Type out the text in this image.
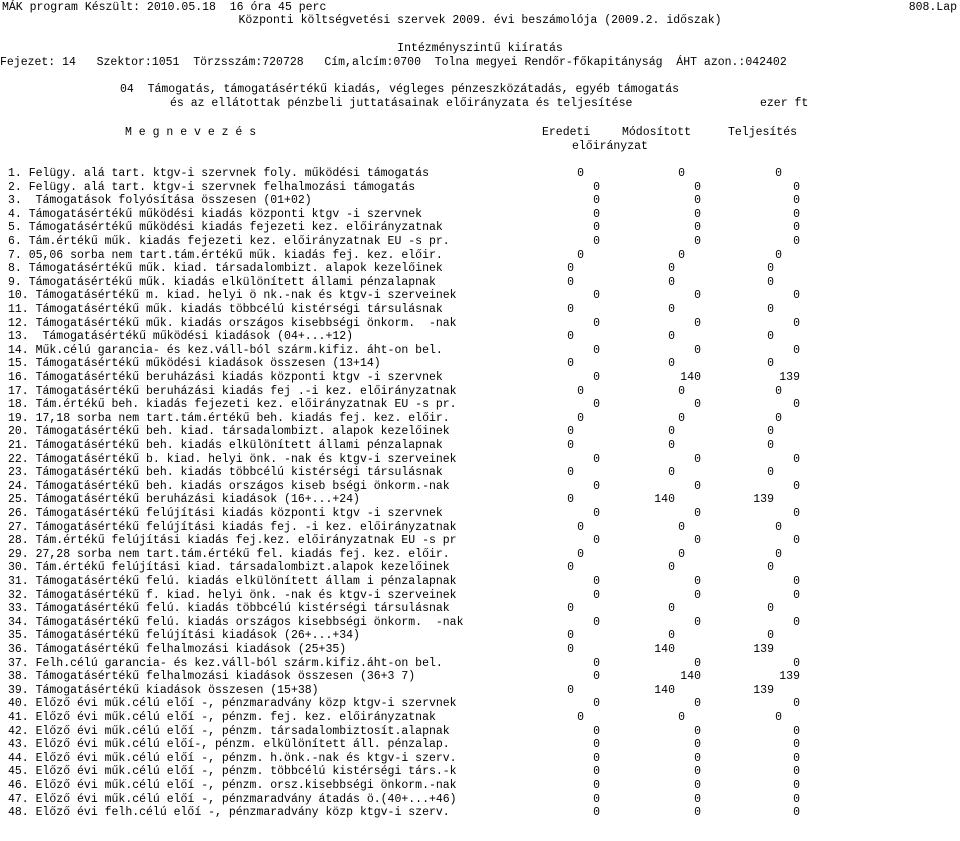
MÁK program Készült: 2010.05.18  16 óra 45 perc	808.Lap
Központi költségvetési szervek 2009. évi beszámolója (2009.2. időszak)
Intézményszintű kiíratás
Fejezet: 14   Szektor:1051  Törzsszám:720728   Cím,alcím:0700  Tolna megyei Rendőr-főkapitányság  ÁHT azon.:042402
04  Támogatás, támogatásértékű kiadás, végleges pénzeszközátadás, egyéb támogatás
és az ellátottak pénzbeli juttatásainak előirányzata és teljesítése	ezer ft
M e g n e v e z é s	Eredeti	Módosított	Teljesítés
előirányzat
1. Felügy. alá tart. ktgv-i szervnek foly. működési támogatás	0	0	0
2. Felügy. alá tart. ktgv-i szervnek felhalmozási támogatás	0	0	0
3.  Támogatások folyósítása összesen (01+02)	0	0	0
4. Támogatásértékű működési kiadás központi ktgv -i szervnek	0	0	0
5. Támogatásértékű működési kiadás fejezeti kez. előirányzatnak	0	0	0
6. Tám.értékű műk. kiadás fejezeti kez. előirányzatnak EU -s pr.	0	0	0
7. 05,06 sorba nem tart.tám.értékű műk. kiadás fej. kez. előir.	0	0	0
8. Támogatásértékű műk. kiad. társadalombizt. alapok kezelőinek	0	0	0
9. Támogatásértékű műk. kiadás elkülönített állami pénzalapnak	0	0	0
10. Támogatásértékű m. kiad. helyi ö nk.-nak és ktgv-i szerveinek	0	0	0
11. Támogatásértékű műk. kiadás többcélú kistérségi társulásnak	0	0	0
12. Támogatásértékű műk. kiadás országos kisebbségi önkorm.  -nak	0	0	0
13.  Támogatásértékű működési kiadások (04+...+12)	0	0	0
14. Műk.célú garancia- és kez.váll-ból szárm.kifiz. áht-on bel.	0	0	0
15. Támogatásértékű működési kiadások összesen (13+14)	0	0	0
16. Támogatásértékű beruházási kiadás központi ktgv -i szervnek	0	140	139
17. Támogatásértékű beruházási kiadás fej .-i kez. előirányzatnak	0	0	0
18. Tám.értékű beh. kiadás fejezeti kez. előirányzatnak EU -s pr.	0	0	0
19. 17,18 sorba nem tart.tám.értékű beh. kiadás fej. kez. előir.	0	0	0
20. Támogatásértékű beh. kiad. társadalombizt. alapok kezelőinek	0	0	0
21. Támogatásértékű beh. kiadás elkülönített állami pénzalapnak	0	0	0
22. Támogatásértékű b. kiad. helyi önk. -nak és ktgv-i szerveinek	0	0	0
23. Támogatásértékű beh. kiadás többcélú kistérségi társulásnak	0	0	0
24. Támogatásértékű beh. kiadás országos kiseb bségi önkorm.-nak	0	0	0
25. Támogatásértékű beruházási kiadások (16+...+24)	0	140	139
26. Támogatásértékű felújítási kiadás központi ktgv -i szervnek	0	0	0
27. Támogatásértékű felújítási kiadás fej. -i kez. előirányzatnak	0	0	0
28. Tám.értékű felújítási kiadás fej.kez. előirányzatnak EU -s pr	0	0	0
29. 27,28 sorba nem tart.tám.értékű fel. kiadás fej. kez. előir.	0	0	0
30. Tám.értékű felújítási kiad. társadalombizt.alapok kezelőinek	0	0	0
31. Támogatásértékű felú. kiadás elkülönített állam i pénzalapnak	0	0	0
32. Támogatásértékű f. kiad. helyi önk. -nak és ktgv-i szerveinek	0	0	0
33. Támogatásértékű felú. kiadás többcélú kistérségi társulásnak	0	0	0
34. Támogatásértékű felú. kiadás országos kisebbségi önkorm.  -nak	0	0	0
35. Támogatásértékű felújítási kiadások (26+...+34)	0	0	0
36. Támogatásértékű felhalmozási kiadások (25+35)	0	140	139
37. Felh.célú garancia- és kez.váll-ból szárm.kifiz.áht-on bel.	0	0	0
38. Támogatásértékű felhalmozási kiadások összesen (36+3 7)	0	140	139
39. Támogatásértékű kiadások összesen (15+38)	0	140	139
40. Előző évi műk.célú előí -, pénzmaradvány közp ktgv-i szervnek	0	0	0
41. Előző évi műk.célú előí -, pénzm. fej. kez. előirányzatnak	0	0	0
42. Előző évi műk.célú előí -, pénzm. társadalombiztosít.alapnak	0	0	0
43. Előző évi műk.célú előí-, pénzm. elkülönített áll. pénzalap.	0	0	0
44. Előző évi műk.célú előí -, pénzm. h.önk.-nak és ktgv-i szerv.	0	0	0
45. Előző évi műk.célú előí -, pénzm. többcélú kistérségi társ.-k	0	0	0
46. Előző évi műk.célú előí -, pénzm. orsz.kisebbségi önkorm.-nak	0	0	0
47. Előző évi műk.célú előí -, pénzmaradvány átadás ö.(40+...+46)	0	0	0
48. Előző évi felh.célú előí -, pénzmaradvány közp ktgv-i szerv.	0	0	0
